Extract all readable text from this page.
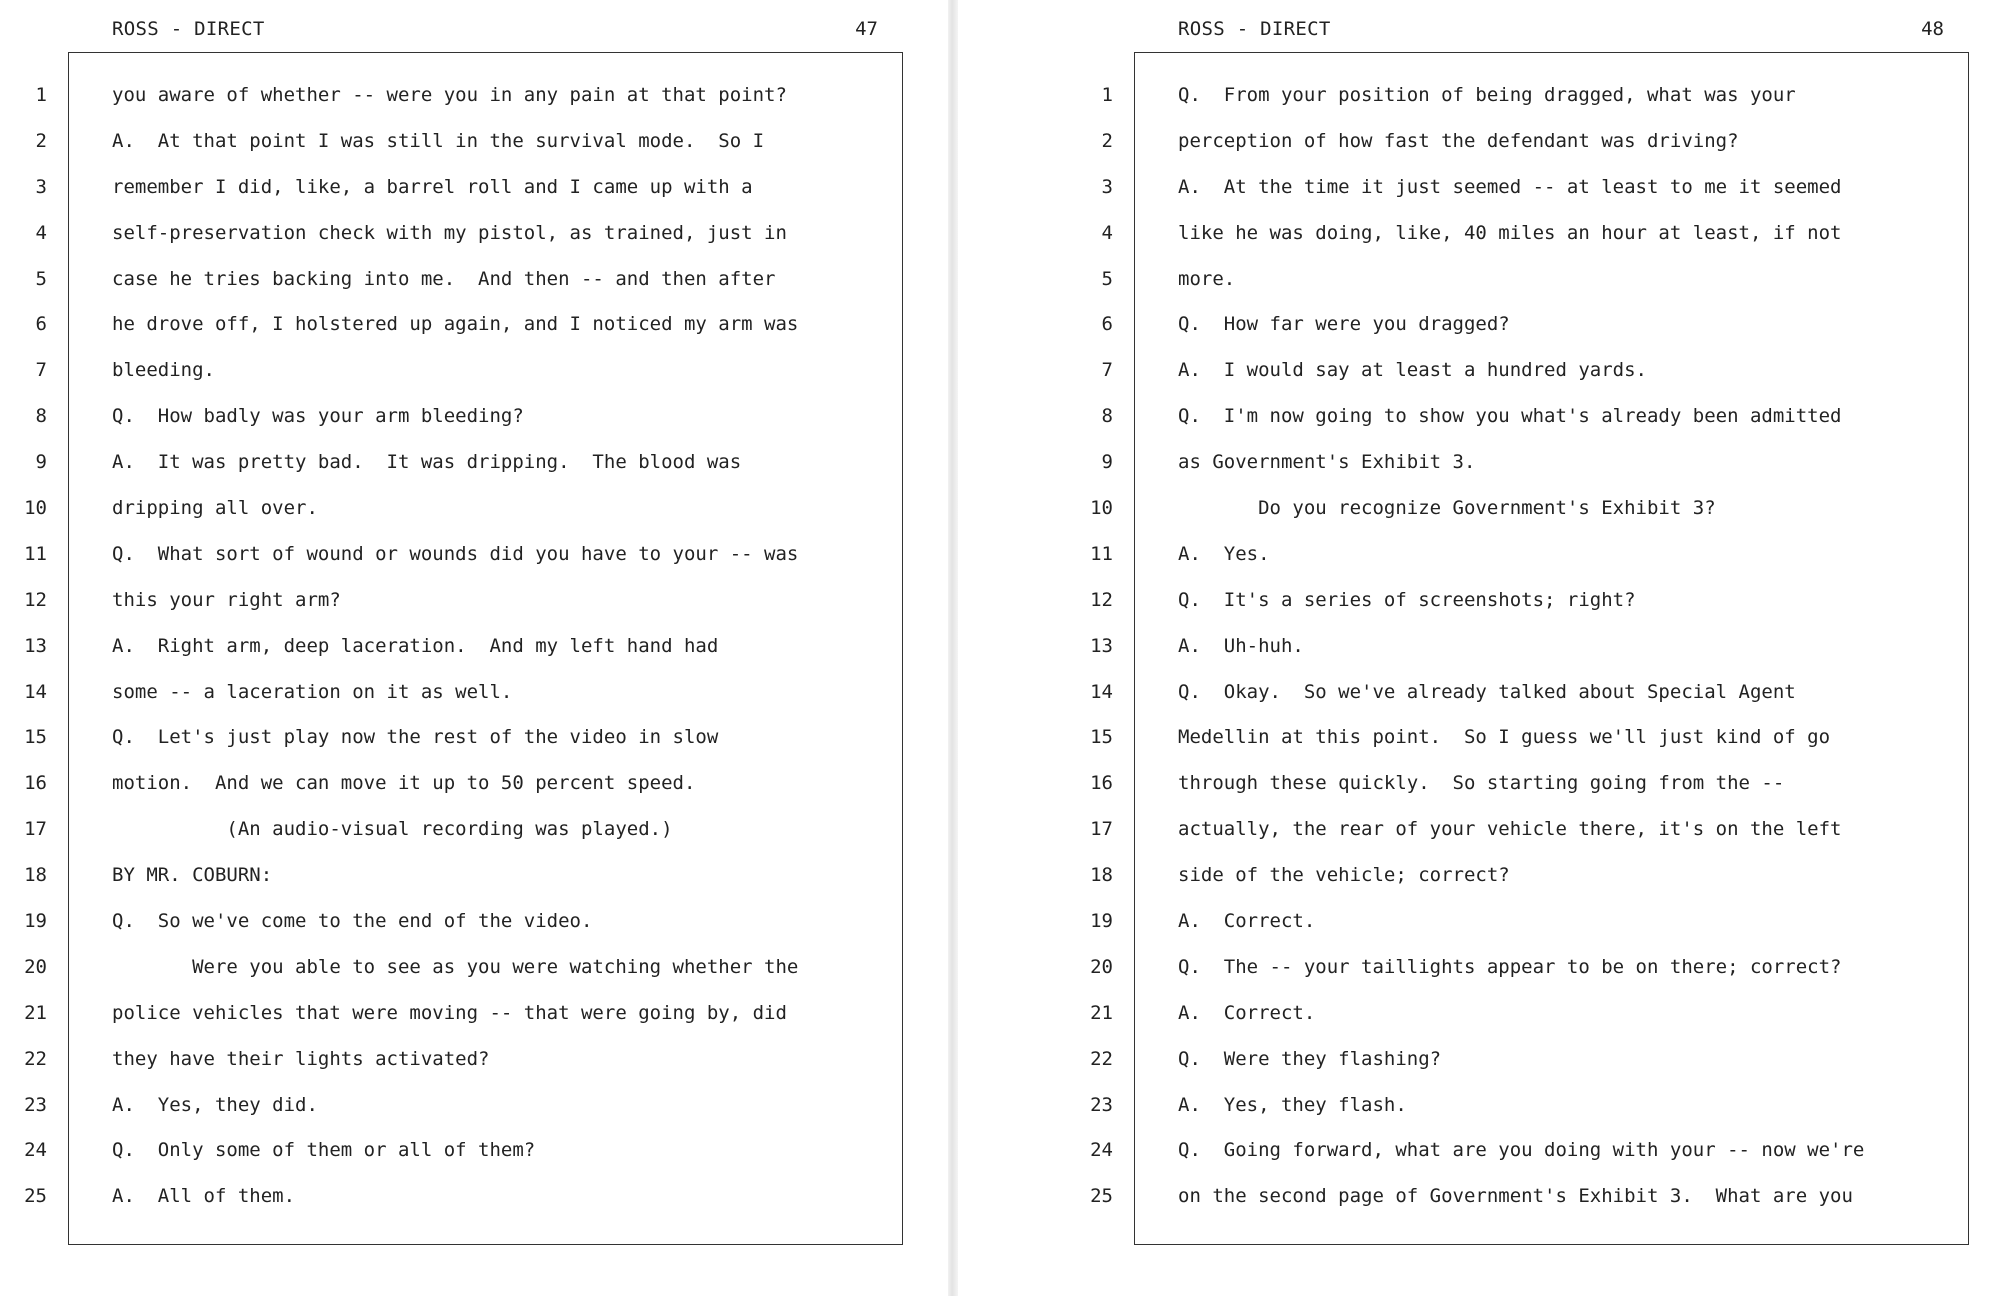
ROSS - DIRECT	47
1	you aware of whether -- were you in any pain at that point?
2	A.  At that point I was still in the survival mode.  So I
3	remember I did, like, a barrel roll and I came up with a
4	self-preservation check with my pistol, as trained, just in
5	case he tries backing into me.  And then -- and then after
6	he drove off, I holstered up again, and I noticed my arm was
7	bleeding.
8	Q.  How badly was your arm bleeding?
9	A.  It was pretty bad.  It was dripping.  The blood was
10	dripping all over.
11	Q.  What sort of wound or wounds did you have to your -- was
12	this your right arm?
13	A.  Right arm, deep laceration.  And my left hand had
14	some -- a laceration on it as well.
15	Q.  Let's just play now the rest of the video in slow
16	motion.  And we can move it up to 50 percent speed.
17	(An audio-visual recording was played.)
18	BY MR. COBURN:
19	Q.  So we've come to the end of the video.
20	Were you able to see as you were watching whether the
21	police vehicles that were moving -- that were going by, did
22	they have their lights activated?
23	A.  Yes, they did.
24	Q.  Only some of them or all of them?
25	A.  All of them.
ROSS - DIRECT	48
1	Q.  From your position of being dragged, what was your
2	perception of how fast the defendant was driving?
3	A.  At the time it just seemed -- at least to me it seemed
4	like he was doing, like, 40 miles an hour at least, if not
5	more.
6	Q.  How far were you dragged?
7	A.  I would say at least a hundred yards.
8	Q.  I'm now going to show you what's already been admitted
9	as Government's Exhibit 3.
10	Do you recognize Government's Exhibit 3?
11	A.  Yes.
12	Q.  It's a series of screenshots; right?
13	A.  Uh-huh.
14	Q.  Okay.  So we've already talked about Special Agent
15	Medellin at this point.  So I guess we'll just kind of go
16	through these quickly.  So starting going from the --
17	actually, the rear of your vehicle there, it's on the left
18	side of the vehicle; correct?
19	A.  Correct.
20	Q.  The -- your taillights appear to be on there; correct?
21	A.  Correct.
22	Q.  Were they flashing?
23	A.  Yes, they flash.
24	Q.  Going forward, what are you doing with your -- now we're
25	on the second page of Government's Exhibit 3.  What are you
